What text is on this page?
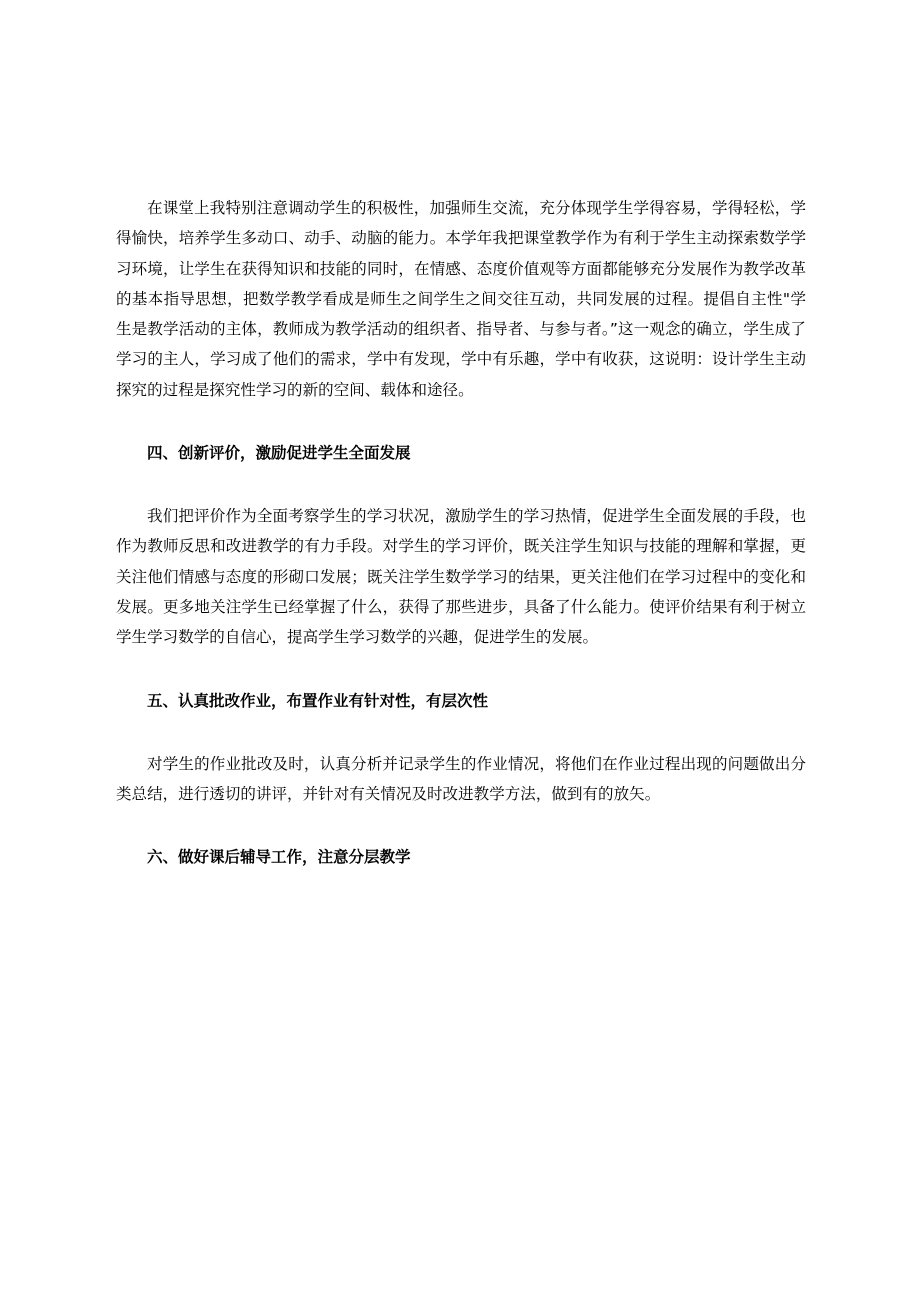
在课堂上我特别注意调动学生的积极性，加强师生交流，充分体现学生学得容易，学得轻松，学得愉快，培养学生多动口、动手、动脑的能力。本学年我把课堂教学作为有利于学生主动探索数学学习环境，让学生在获得知识和技能的同时，在情感、态度价值观等方面都能够充分发展作为教学改革的基本指导思想，把数学教学看成是师生之间学生之间交往互动，共同发展的过程。提倡自主性"学生是教学活动的主体，教师成为教学活动的组织者、指导者、与参与者。”这一观念的确立，学生成了学习的主人，学习成了他们的需求，学中有发现，学中有乐趣，学中有收获，这说明：设计学生主动探究的过程是探究性学习的新的空间、载体和途径。

四、创新评价，激励促进学生全面发展

我们把评价作为全面考察学生的学习状况，激励学生的学习热情，促进学生全面发展的手段，也作为教师反思和改进教学的有力手段。对学生的学习评价，既关注学生知识与技能的理解和掌握，更关注他们情感与态度的形砌口发展；既关注学生数学学习的结果，更关注他们在学习过程中的变化和发展。更多地关注学生已经掌握了什么，获得了那些进步，具备了什么能力。使评价结果有利于树立学生学习数学的自信心，提高学生学习数学的兴趣，促进学生的发展。

五、认真批改作业，布置作业有针对性，有层次性

对学生的作业批改及时，认真分析并记录学生的作业情况，将他们在作业过程出现的问题做出分类总结，进行透切的讲评，并针对有关情况及时改进教学方法，做到有的放矢。

六、做好课后辅导工作，注意分层教学
